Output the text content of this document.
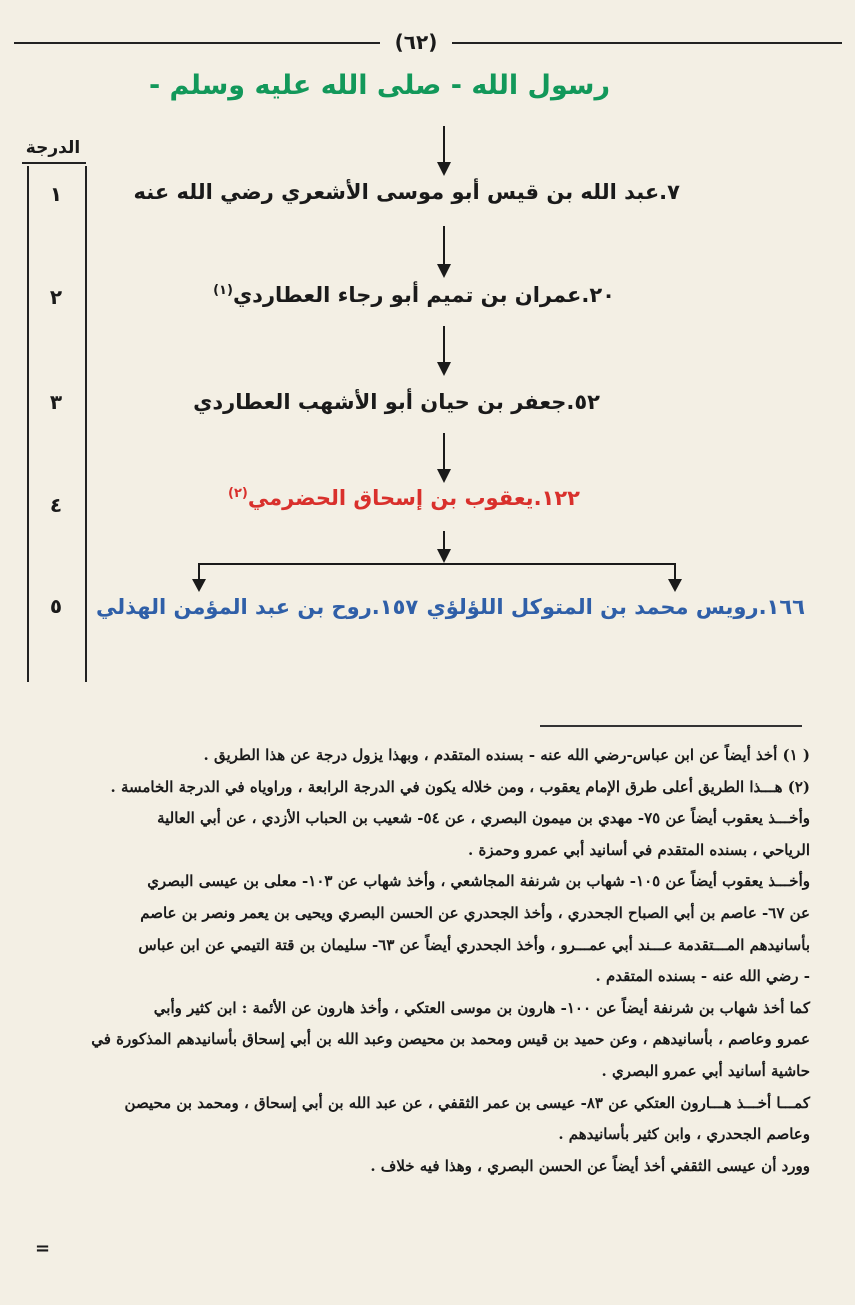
(٦٢)
رسول الله - صلى الله عليه وسلم -
الدرجة
١
٢
٣
٤
٥
٧.عبد الله بن قيس أبو موسى الأشعري رضي الله عنه
٢٠.عمران بن تميم أبو رجاء العطاردي$^{(١)}$
٥٢.جعفر بن حيان أبو الأشهب العطاردي
١٢٢.يعقوب بن إسحاق الحضرمي$^{(٢)}$
١٦٦.رويس محمد بن المتوكل اللؤلؤي
١٥٧.روح بن عبد المؤمن الهذلي

( ١) أخذ أيضاً عن ابن عباس-رضي الله عنه - بسنده المتقدم ، وبهذا يزول درجة عن هذا الطريق .

(٢) هـــذا الطريق أعلى طرق الإمام يعقوب ، ومن خلاله يكون في الدرجة الرابعة ، وراوياه في الدرجة الخامسة .

وأخـــذ يعقوب أيضاً عن ٧٥- مهدي بن ميمون البصري ، عن ٥٤- شعيب بن الحباب الأزدي ، عن أبي العالية

الرياحي ، بسنده المتقدم في أسانيد أبي عمرو وحمزة .

وأخـــذ يعقوب أيضاً عن ١٠٥- شهاب بن شرنفة المجاشعي ، وأخذ شهاب عن ١٠٣- معلى بن عيسى البصري

عن ٦٧- عاصم بن أبي الصباح الجحدري ، وأخذ الجحدري عن الحسن البصري ويحيى بن يعمر ونصر بن عاصم

بأسانيدهم المـــتقدمة عـــند أبي عمـــرو ، وأخذ الجحدري أيضاً عن ٦٣- سليمان بن قتة التيمي عن ابن عباس

- رضي الله عنه - بسنده المتقدم .

كما أخذ شهاب بن شرنفة أيضاً عن ١٠٠- هارون بن موسى العتكي ، وأخذ هارون عن الأئمة : ابن كثير وأبي

عمرو وعاصم ، بأسانيدهم ، وعن حميد بن قيس ومحمد بن محيصن وعبد الله بن أبي إسحاق بأسانيدهم المذكورة في

حاشية أسانيد أبي عمرو البصري .

كمـــا أخـــذ هـــارون العتكي عن ٨٣- عيسى بن عمر الثقفي ، عن عبد الله بن أبي إسحاق ، ومحمد بن محيصن

وعاصم الجحدري ، وابن كثير بأسانيدهم .

وورد أن عيسى الثقفي أخذ أيضاً عن الحسن البصري ، وهذا فيه خلاف .

=
